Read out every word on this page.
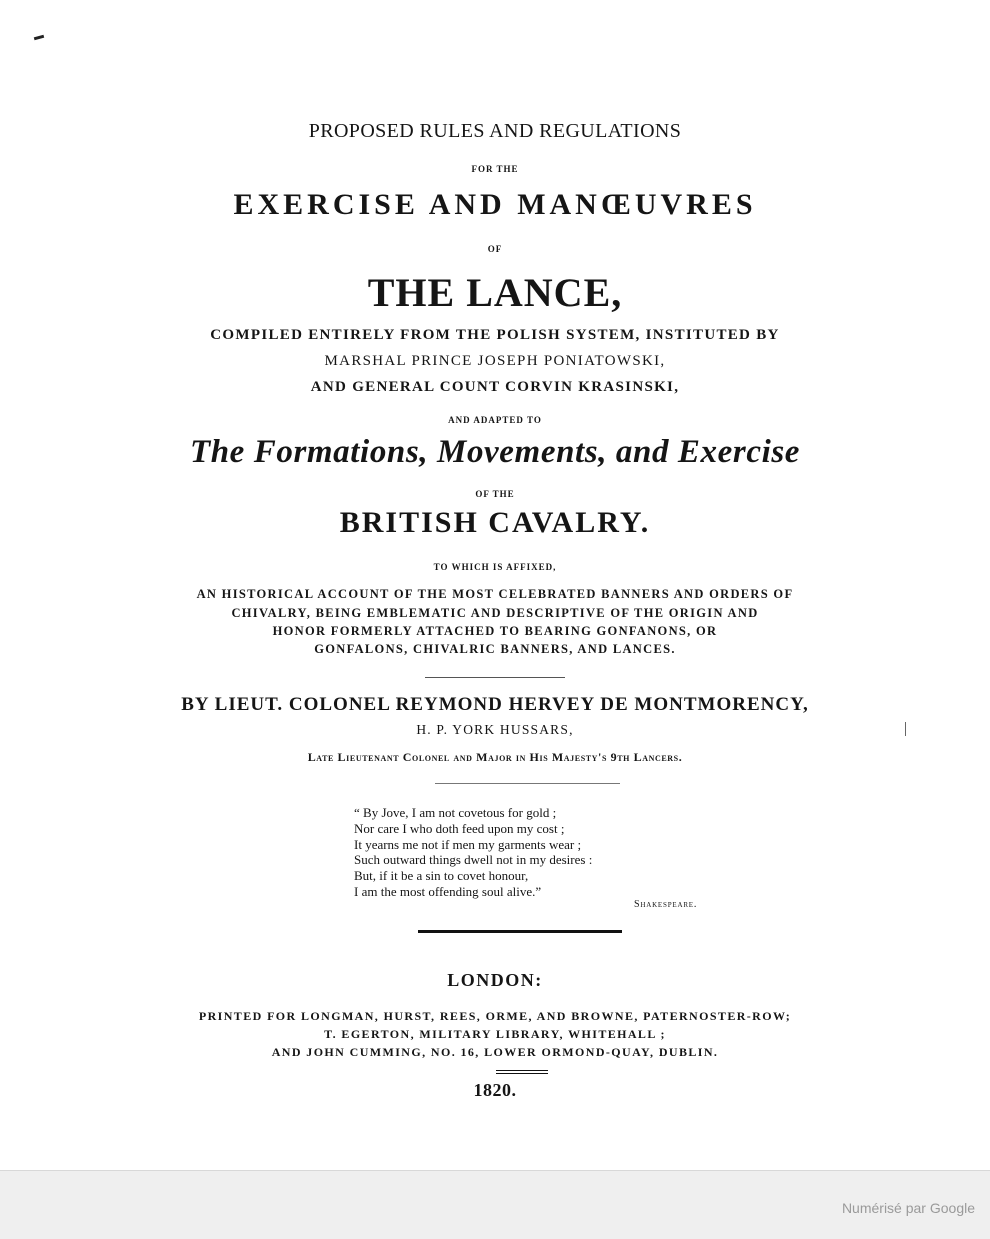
PROPOSED RULES AND REGULATIONS
FOR THE
EXERCISE AND MANŒUVRES
OF
THE LANCE,
COMPILED ENTIRELY FROM THE POLISH SYSTEM, INSTITUTED BY
MARSHAL PRINCE JOSEPH PONIATOWSKI,
AND GENERAL COUNT CORVIN KRASINSKI,
AND ADAPTED TO
The Formations, Movements, and Exercise
OF THE
BRITISH CAVALRY.
TO WHICH IS AFFIXED,
AN HISTORICAL ACCOUNT OF THE MOST CELEBRATED BANNERS AND ORDERS OF
CHIVALRY, BEING EMBLEMATIC AND DESCRIPTIVE OF THE ORIGIN AND
HONOR FORMERLY ATTACHED TO BEARING GONFANONS, OR
GONFALONS, CHIVALRIC BANNERS, AND LANCES.
BY LIEUT. COLONEL REYMOND HERVEY DE MONTMORENCY,
H. P. YORK HUSSARS,
Late Lieutenant Colonel and Major in His Majesty's 9th Lancers.
“ By Jove, I am not covetous for gold ;
Nor care I who doth feed upon my cost ;
It yearns me not if men my garments wear ;
Such outward things dwell not in my desires :
But, if it be a sin to covet honour,
I am the most offending soul alive.”
Shakespeare.
LONDON:
PRINTED FOR LONGMAN, HURST, REES, ORME, AND BROWNE, PATERNOSTER-ROW;
T. EGERTON, MILITARY LIBRARY, WHITEHALL ;
AND JOHN CUMMING, NO. 16, LOWER ORMOND-QUAY, DUBLIN.
1820.
Numérisé par Google
